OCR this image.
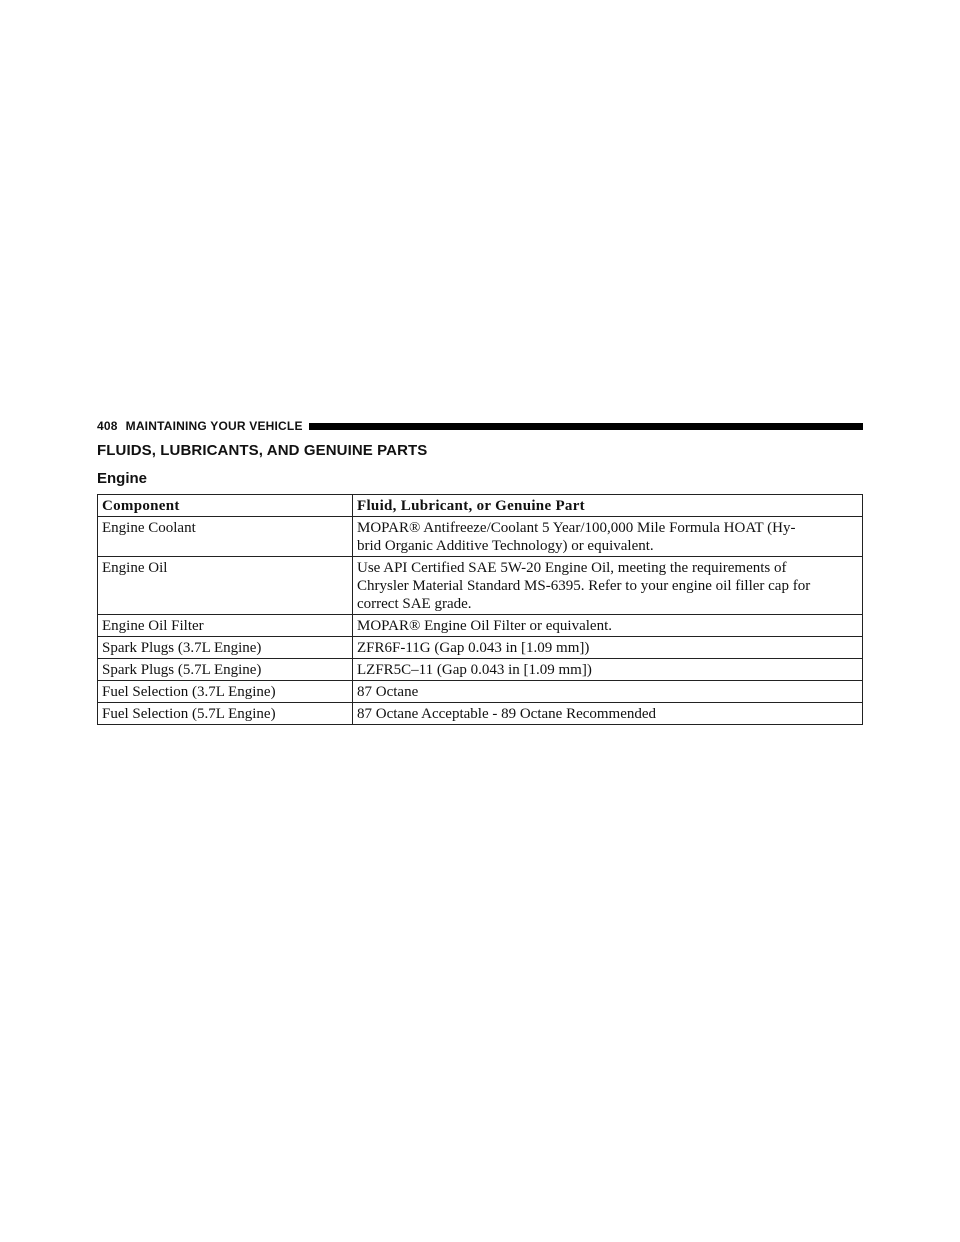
408 MAINTAINING YOUR VEHICLE
FLUIDS, LUBRICANTS, AND GENUINE PARTS
Engine
Component	Fluid, Lubricant, or Genuine Part
Engine Coolant	MOPAR® Antifreeze/Coolant 5 Year/100,000 Mile Formula HOAT (Hy-
brid Organic Additive Technology) or equivalent.

Engine Oil	Use API Certified SAE 5W-20 Engine Oil, meeting the requirements of
Chrysler Material Standard MS-6395. Refer to your engine oil filler cap for
correct SAE grade.

Engine Oil Filter	MOPAR® Engine Oil Filter or equivalent.

Spark Plugs (3.7L Engine)	ZFR6F-11G (Gap 0.043 in [1.09 mm])

Spark Plugs (5.7L Engine)	LZFR5C–11 (Gap 0.043 in [1.09 mm])

Fuel Selection (3.7L Engine)	87 Octane

Fuel Selection (5.7L Engine)	87 Octane Acceptable - 89 Octane Recommended
